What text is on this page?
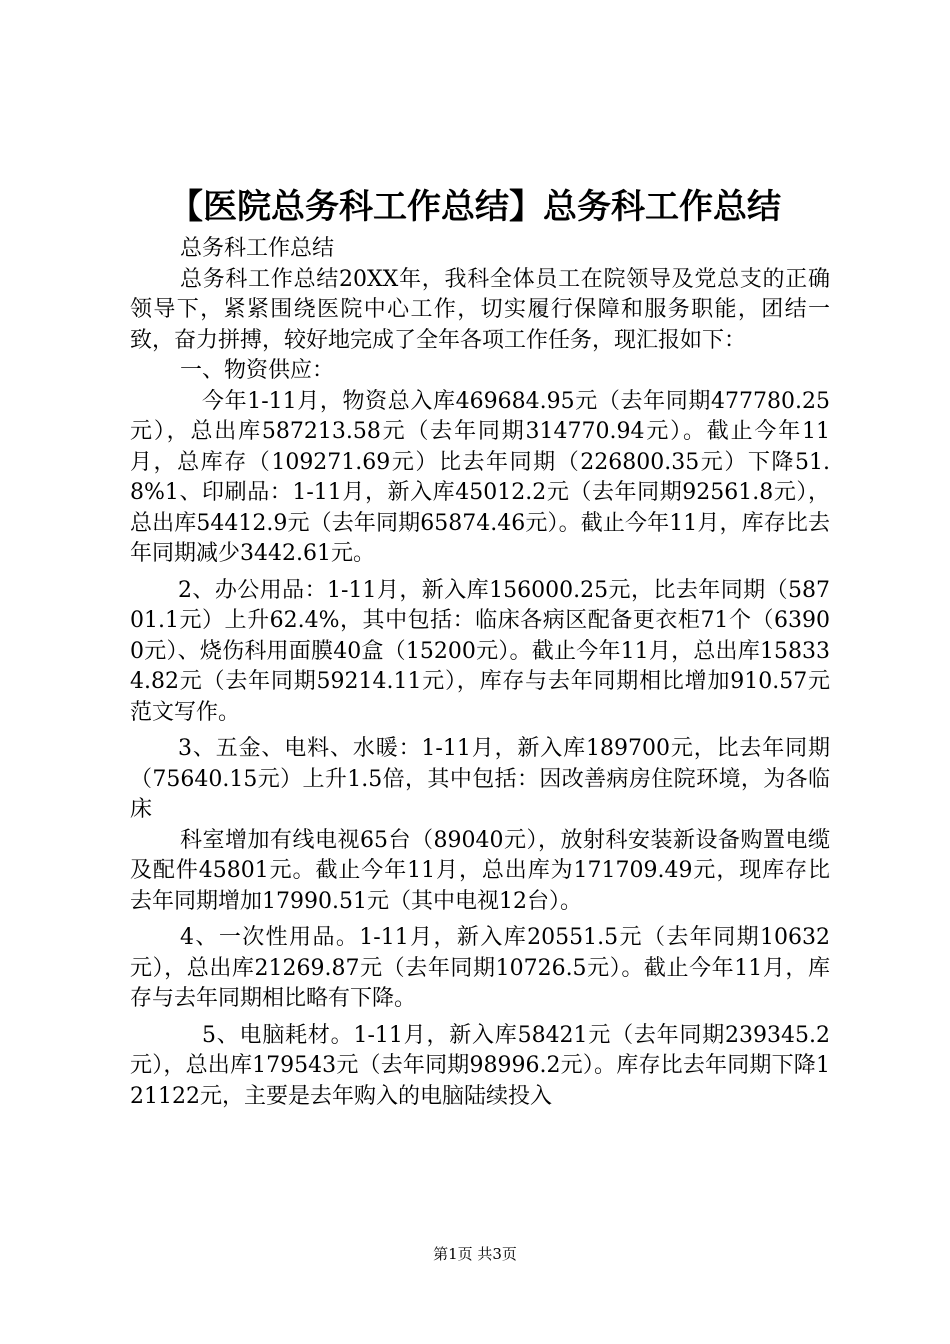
【医院总务科工作总结】总务科工作总结

总务科工作总结

总务科工作总结20XX年，我科全体员工在院领导及党总支的正确领导下，紧紧围绕医院中心工作，切实履行保障和服务职能，团结一致，奋力拼搏，较好地完成了全年各项工作任务，现汇报如下：

一、物资供应：

今年1-11月，物资总入库469684.95元（去年同期477780.25元），总出库587213.58元（去年同期314770.94元）。截止今年11月，总库存（109271.69元）比去年同期（226800.35元）下降51.8%1、印刷品：1-11月，新入库45012.2元（去年同期92561.8元），总出库54412.9元（去年同期65874.46元）。截止今年11月，库存比去年同期减少3442.61元。

2、办公用品：1-11月，新入库156000.25元，比去年同期（58701.1元）上升62.4%，其中包括：临床各病区配备更衣柜71个（63900元）、烧伤科用面膜40盒（15200元）。截止今年11月，总出库158334.82元（去年同期59214.11元），库存与去年同期相比增加910.57元范文写作。

3、五金、电料、水暖：1-11月，新入库189700元，比去年同期（75640.15元）上升1.5倍，其中包括：因改善病房住院环境，为各临床

科室增加有线电视65台（89040元），放射科安装新设备购置电缆及配件45801元。截止今年11月，总出库为171709.49元，现库存比去年同期增加17990.51元（其中电视12台）。

4、一次性用品。1-11月，新入库20551.5元（去年同期10632元），总出库21269.87元（去年同期10726.5元）。截止今年11月，库存与去年同期相比略有下降。

5、电脑耗材。1-11月，新入库58421元（去年同期239345.2元），总出库179543元（去年同期98996.2元）。库存比去年同期下降121122元，主要是去年购入的电脑陆续投入

第1页 共3页
